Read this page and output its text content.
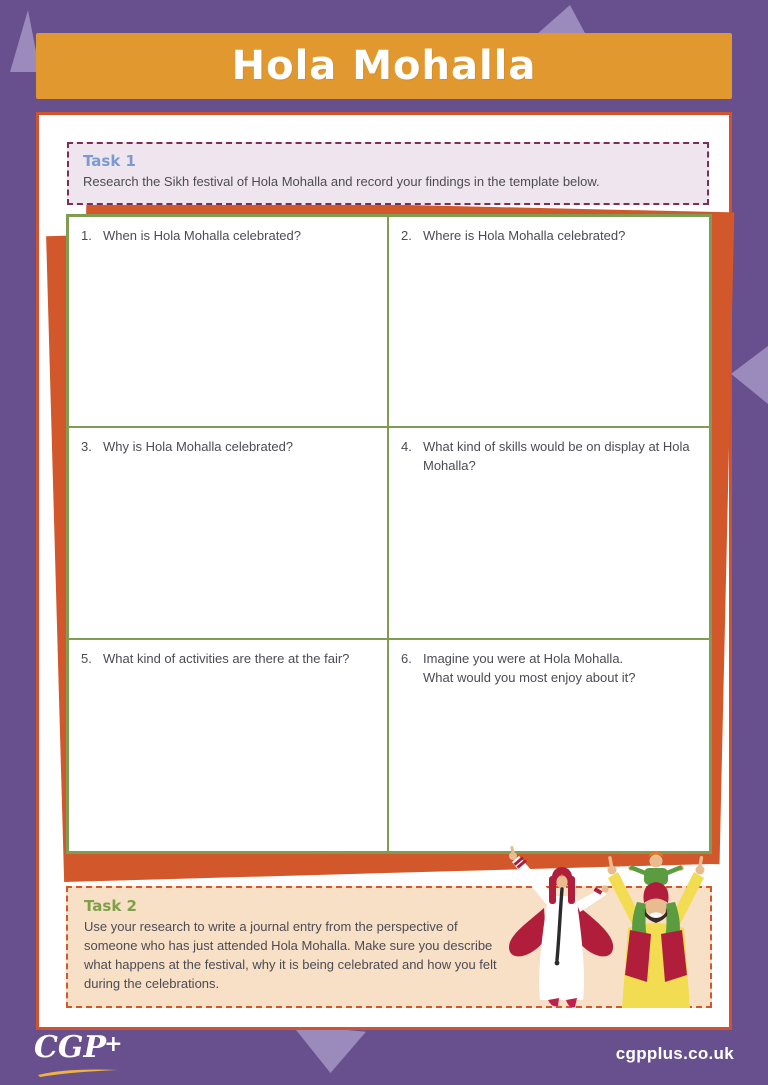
Hola Mohalla
Task 1
Research the Sikh festival of Hola Mohalla and record your findings in the template below.
1. When is Hola Mohalla celebrated?	2. Where is Hola Mohalla celebrated?
3. Why is Hola Mohalla celebrated?	4. What kind of skills would be on display at Hola Mohalla?
5. What kind of activities are there at the fair?	6. Imagine you were at Hola Mohalla. What would you most enjoy about it?
Task 2
Use your research to write a journal entry from the perspective of someone who has just attended Hola Mohalla. Make sure you describe what happens at the festival, why it is being celebrated and how you felt during the celebrations.
CGP+	cgpplus.co.uk
